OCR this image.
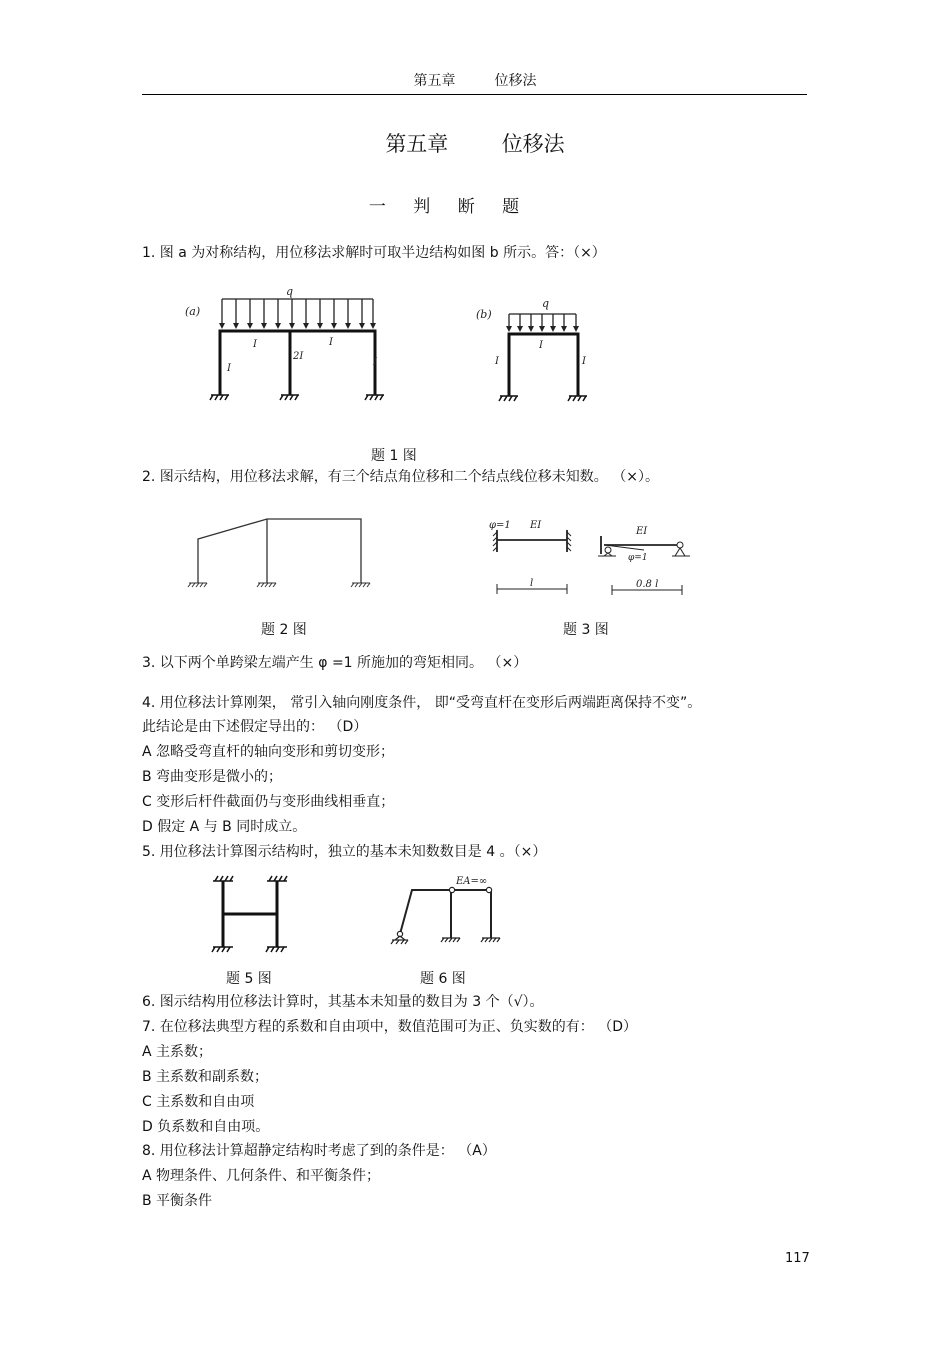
第五章	位移法
第五章	位移法
一 判 断 题
1. 图 a 为对称结构，用位移法求解时可取半边结构如图 b 所示。答：（×）
(a)
q
I	I
2I
I
I
(b)
q
I
I	I
题 1 图
2. 图示结构，用位移法求解，有三个结点角位移和二个结点线位移未知数。 （×）。
φ=1 EI
l
EI
φ=1
0.8 l
题 2 图	题 3 图
3. 以下两个单跨梁左端产生 φ =1 所施加的弯矩相同。 （×）
4. 用位移法计算刚架， 常引入轴向刚度条件， 即“受弯直杆在变形后两端距离保持不变”。
此结论是由下述假定导出的： （D）
A 忽略受弯直杆的轴向变形和剪切变形；
B 弯曲变形是微小的；
C 变形后杆件截面仍与变形曲线相垂直；
D 假定 A 与 B 同时成立。
5. 用位移法计算图示结构时，独立的基本未知数数目是 4 。（×）
EA=∞
题 5 图	题 6 图
6. 图示结构用位移法计算时，其基本未知量的数目为 3 个（√）。
7. 在位移法典型方程的系数和自由项中，数值范围可为正、负实数的有： （D）
A 主系数；
B 主系数和副系数；
C 主系数和自由项
D 负系数和自由项。
8. 用位移法计算超静定结构时考虑了到的条件是： （A）
A 物理条件、几何条件、和平衡条件；
B 平衡条件
117
